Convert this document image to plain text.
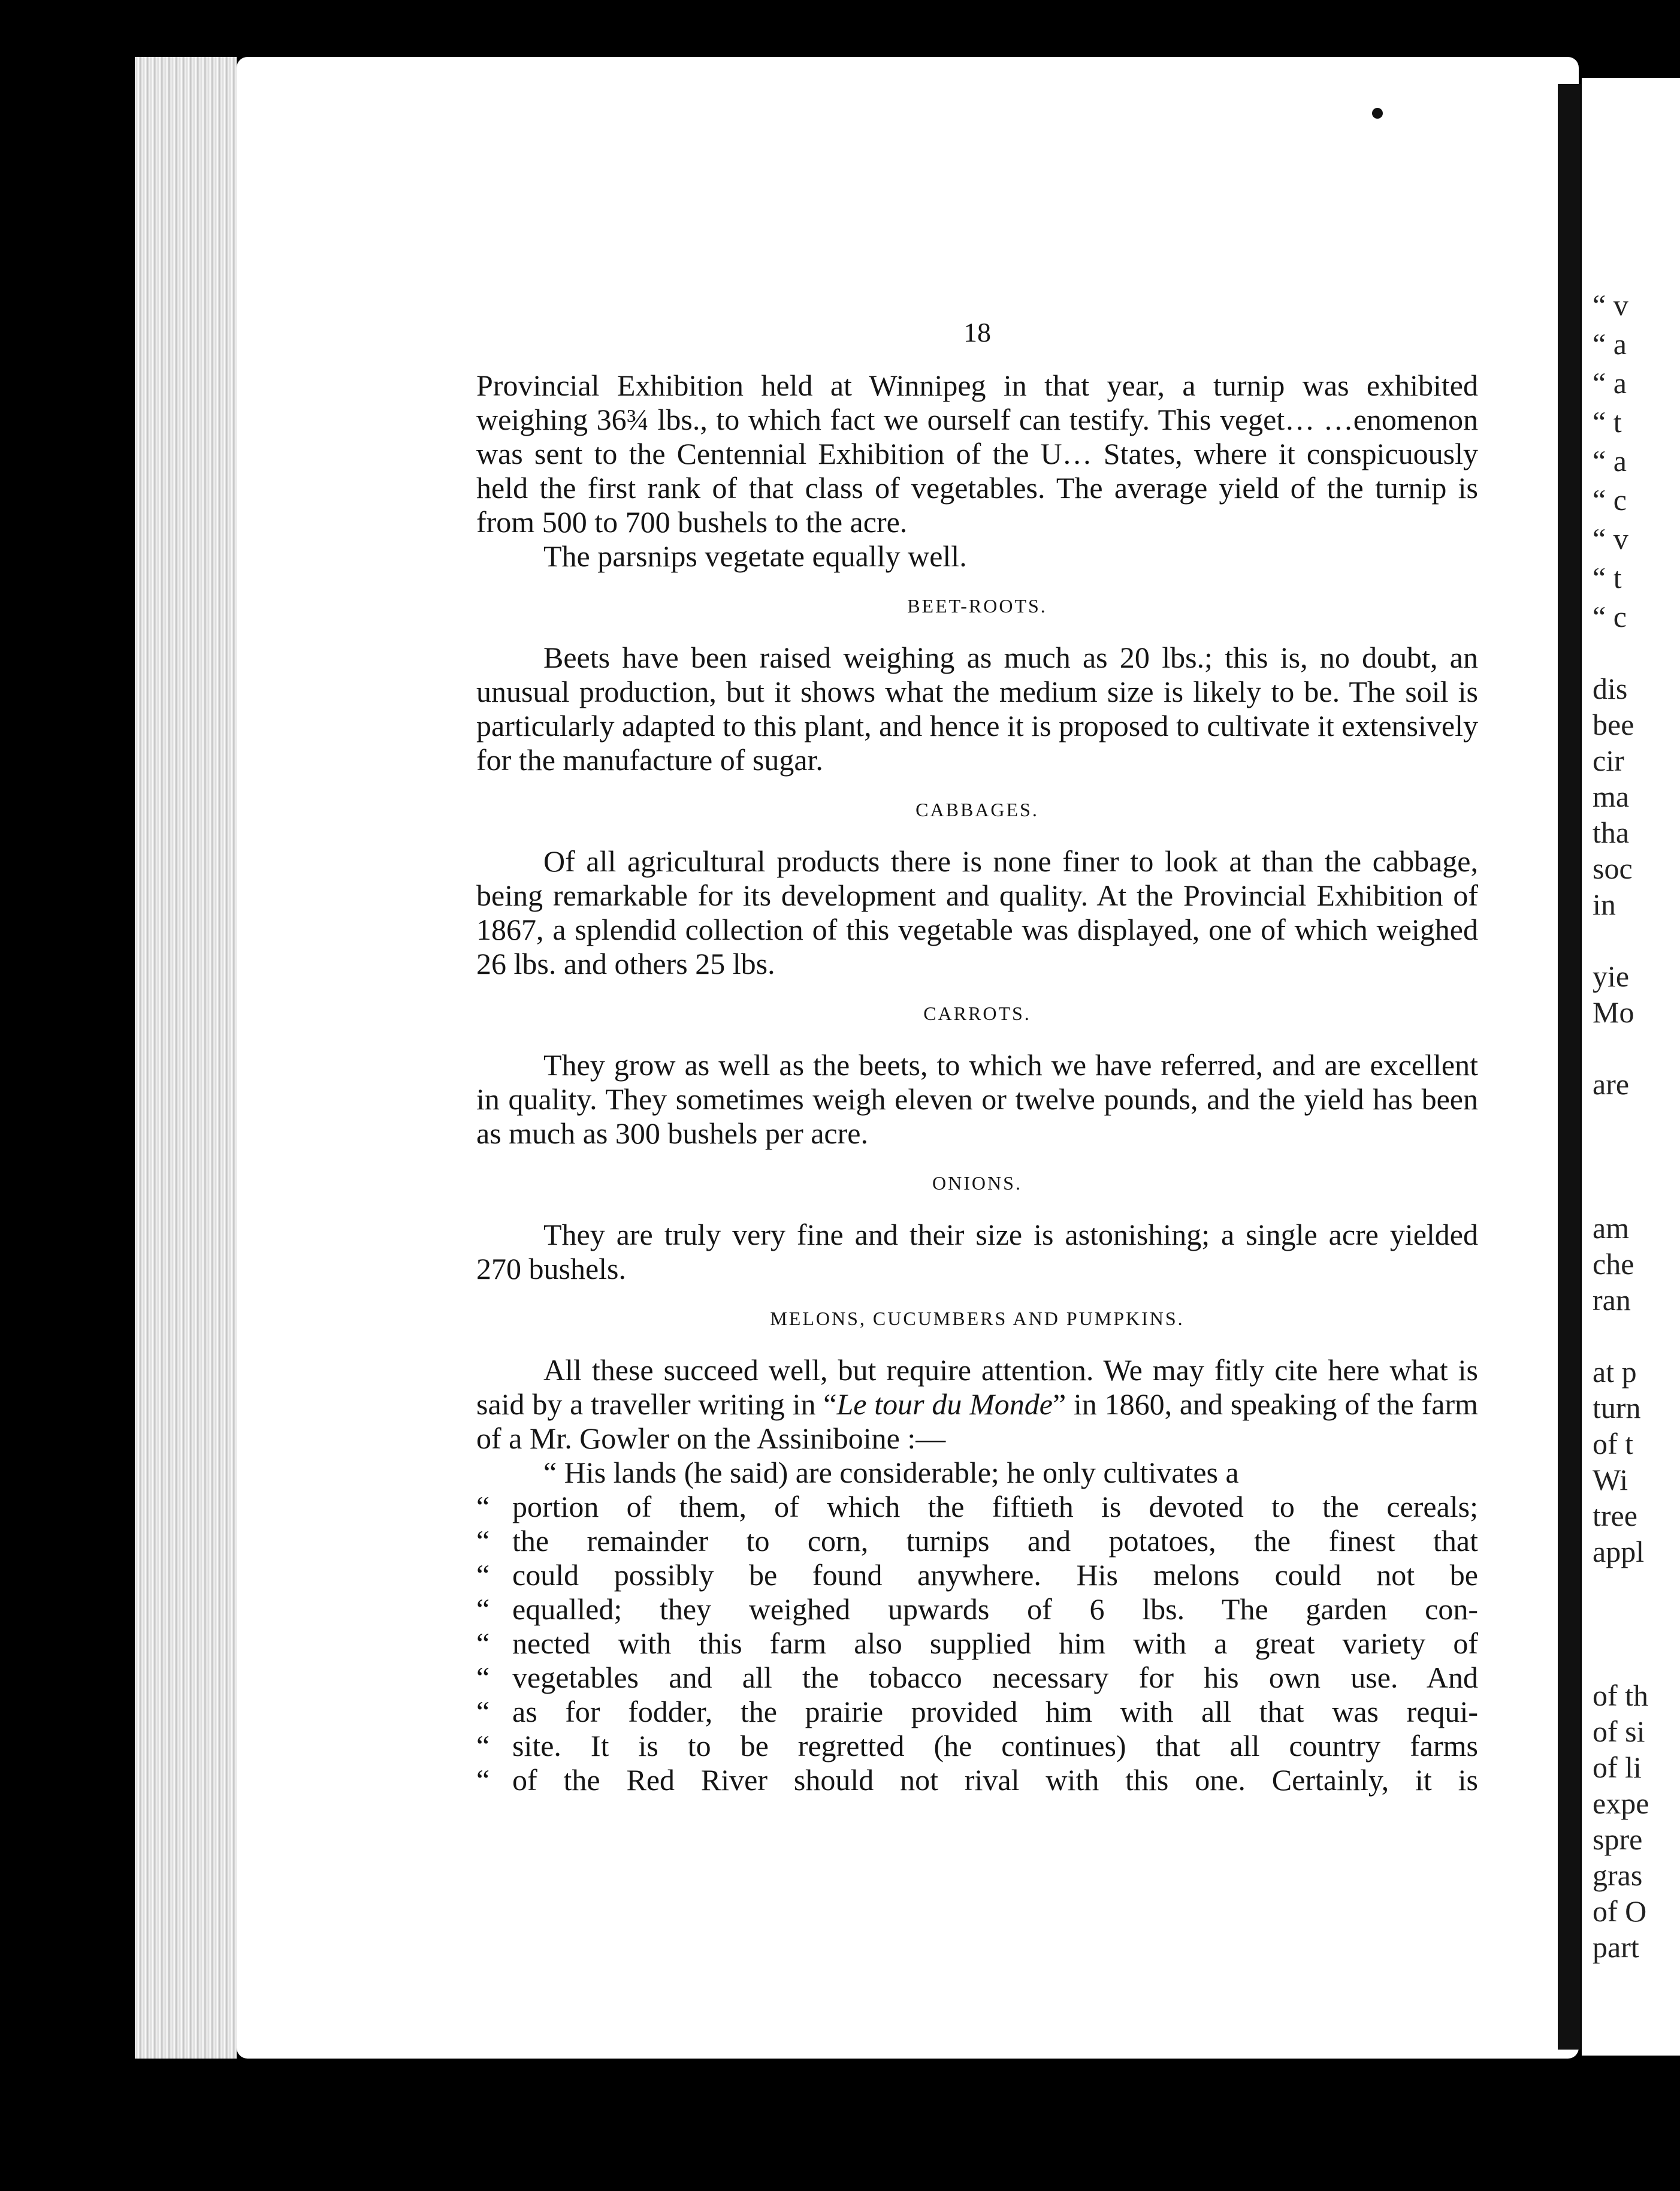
“ v
“ a
“ a
“ t
“ a
“ c
“ v
“ t
“ c
dis
bee
cir
ma
tha
soc
in
yie
Mo
are
am
che
ran
at p
turn
of t
Wi
tree
appl
of th
of si
of li
expe
spre
gras
of O
part
18

Provincial Exhibition held at Winnipeg in that year, a turnip was exhibited weighing 36¾ lbs., to which fact we ourself can testify. This veget… …enomenon was sent to the Centennial Exhibition of the U… States, where it conspicuously held the first rank of that class of vegetables. The average yield of the turnip is from 500 to 700 bushels to the acre.

The parsnips vegetate equally well.

BEET-ROOTS.

Beets have been raised weighing as much as 20 lbs.; this is, no doubt, an unusual production, but it shows what the medium size is likely to be. The soil is particularly adapted to this plant, and hence it is proposed to cultivate it extensively for the manufacture of sugar.

CABBAGES.

Of all agricultural products there is none finer to look at than the cabbage, being remarkable for its development and quality. At the Provincial Exhibition of 1867, a splendid collection of this vegetable was displayed, one of which weighed 26 lbs. and others 25 lbs.

CARROTS.

They grow as well as the beets, to which we have referred, and are excellent in quality. They sometimes weigh eleven or twelve pounds, and the yield has been as much as 300 bushels per acre.

ONIONS.

They are truly very fine and their size is astonishing; a single acre yielded 270 bushels.

MELONS, CUCUMBERS AND PUMPKINS.

All these succeed well, but require attention. We may fitly cite here what is said by a traveller writing in “Le tour du Monde” in 1860, and speaking of the farm of a Mr. Gowler on the Assiniboine :—

“ His lands (he said) are considerable; he only cultivates a

“ portion of them, of which the fiftieth is devoted to the cereals;
“ the remainder to corn, turnips and potatoes, the finest that
“ could possibly be found anywhere. His melons could not be
“ equalled; they weighed upwards of 6 lbs. The garden con-
“ nected with this farm also supplied him with a great variety of
“ vegetables and all the tobacco necessary for his own use. And
“ as for fodder, the prairie provided him with all that was requi-
“ site. It is to be regretted (he continues) that all country farms
“ of the Red River should not rival with this one. Certainly, it is
